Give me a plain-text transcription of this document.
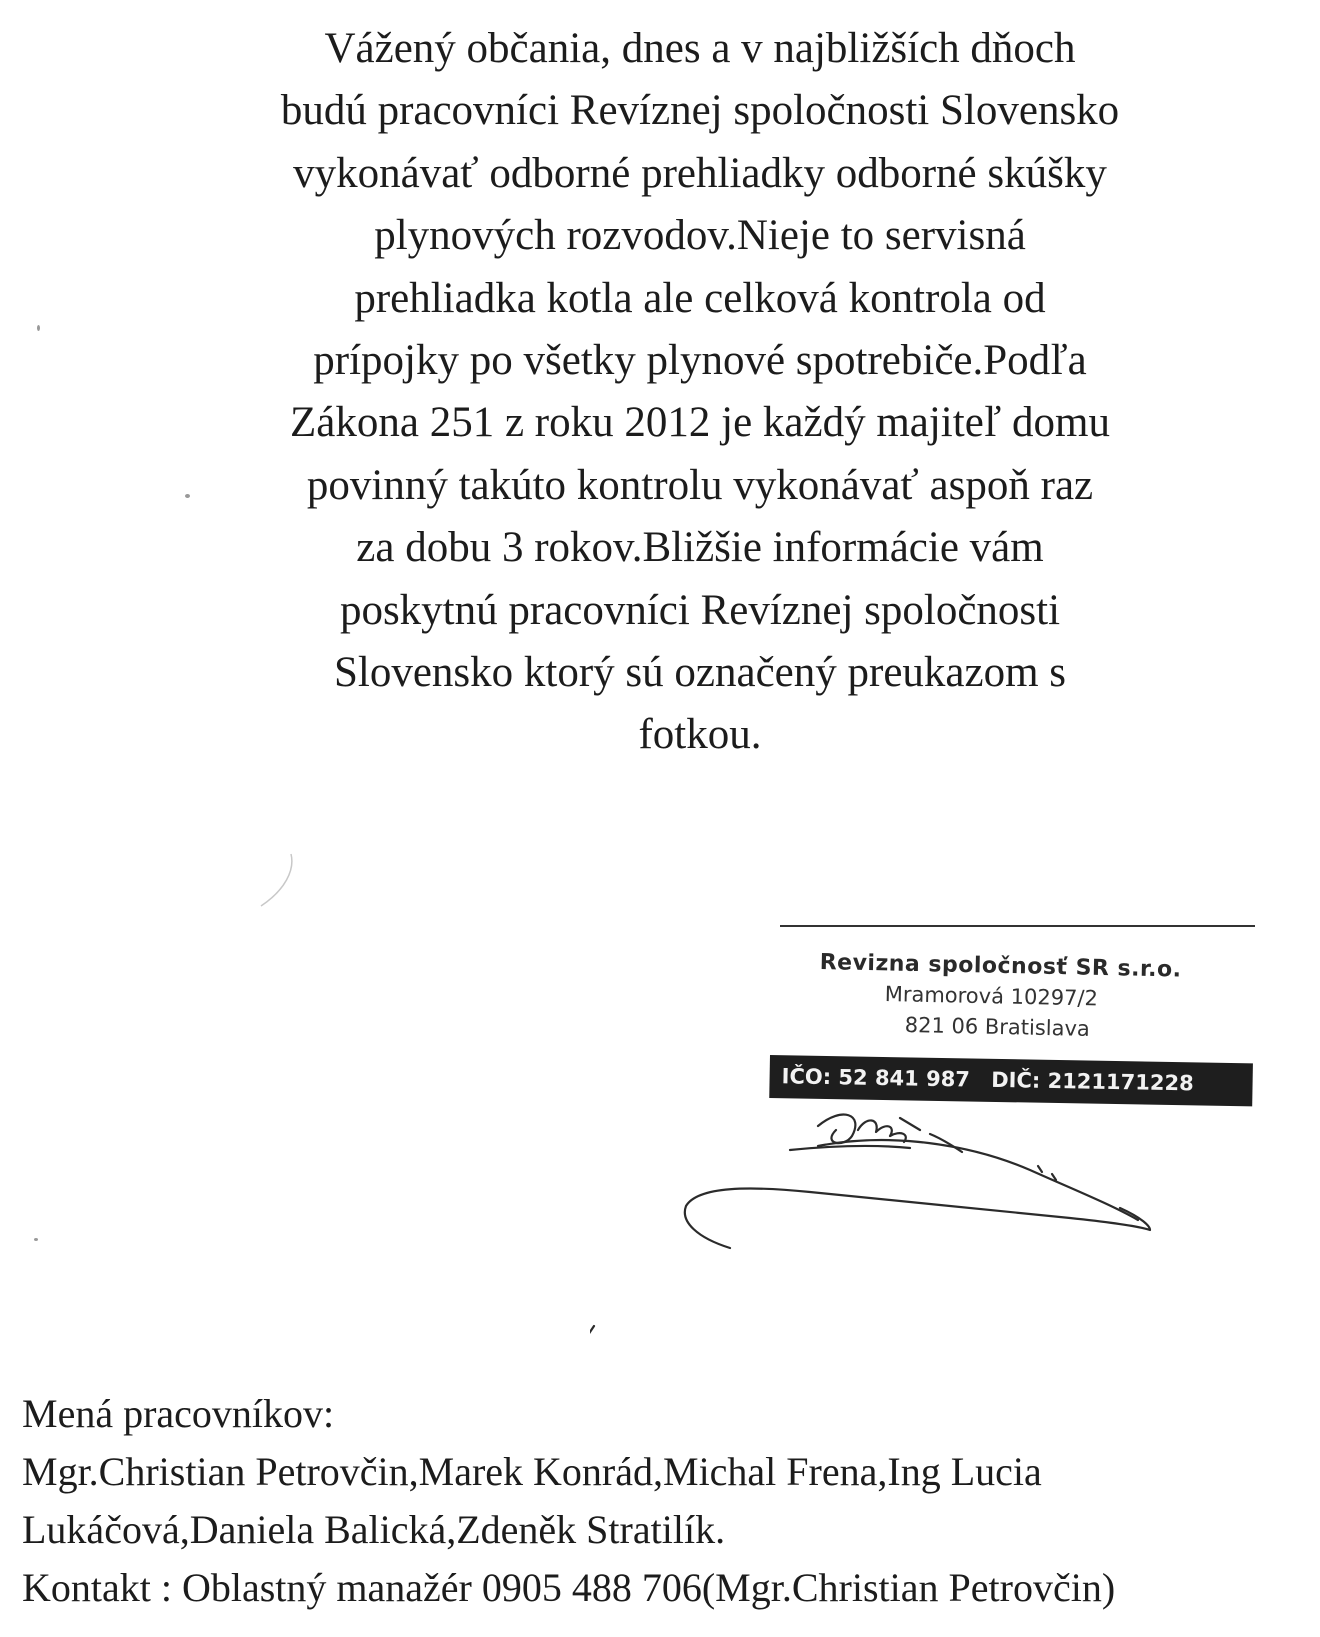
Vážený občania, dnes a v najbližších dňoch
budú pracovníci Revíznej spoločnosti Slovensko
vykonávať odborné prehliadky odborné skúšky
plynových rozvodov.Nieje to servisná
prehliadka kotla ale celková kontrola od
prípojky po všetky plynové spotrebiče.Podľa
Zákona 251 z roku 2012 je každý majiteľ domu
povinný takúto kontrolu vykonávať aspoň raz
za dobu 3 rokov.Bližšie informácie vám
poskytnú pracovníci Revíznej spoločnosti
Slovensko ktorý sú označený preukazom s
fotkou.

Revizna spoločnosť SR s.r.o.
Mramorová 10297/2
821 06 Bratislava
IČO: 52 841 987 DIČ: 2121171228

Mená pracovníkov:
Mgr.Christian Petrovčin,Marek Konrád,Michal Frena,Ing Lucia
Lukáčová,Daniela Balická,Zdeněk Stratilík.
Kontakt : Oblastný manažér 0905 488 706(Mgr.Christian Petrovčin)
